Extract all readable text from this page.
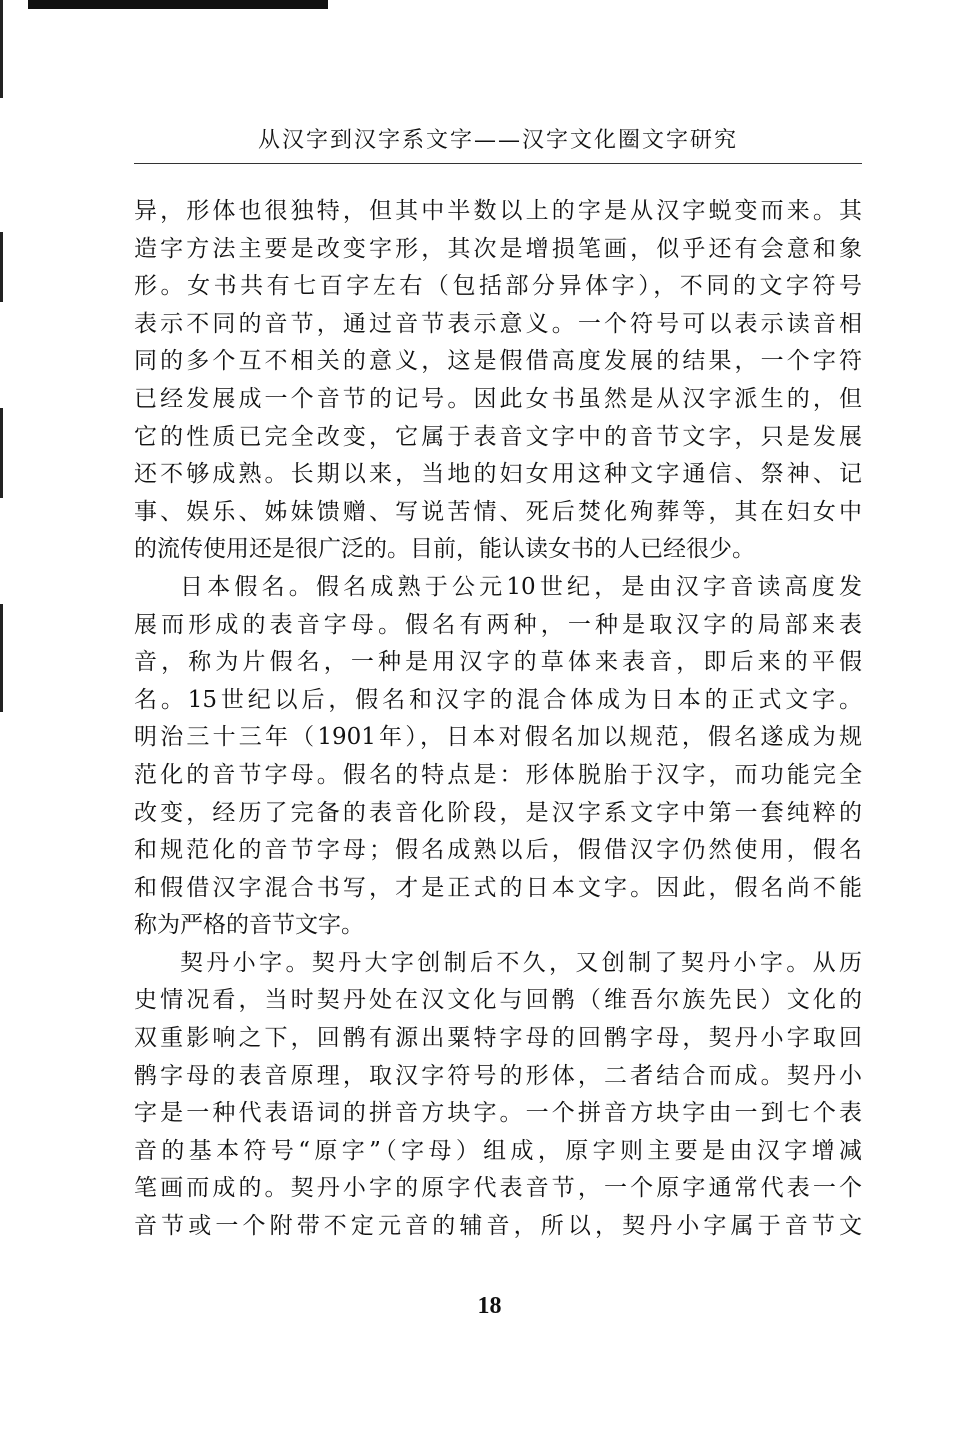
从汉字到汉字系文字——汉字文化圈文字研究
异，形体也很独特，但其中半数以上的字是从汉字蜕变而来。其
造字方法主要是改变字形，其次是增损笔画，似乎还有会意和象
形。女书共有七百字左右（包括部分异体字），不同的文字符号
表示不同的音节，通过音节表示意义。一个符号可以表示读音相
同的多个互不相关的意义，这是假借高度发展的结果，一个字符
已经发展成一个音节的记号。因此女书虽然是从汉字派生的，但
它的性质已完全改变，它属于表音文字中的音节文字，只是发展
还不够成熟。长期以来，当地的妇女用这种文字通信、祭神、记
事、娱乐、姊妹馈赠、写说苦情、死后焚化殉葬等，其在妇女中
的流传使用还是很广泛的。目前，能认读女书的人已经很少。
日本假名。假名成熟于公元10世纪，是由汉字音读高度发
展而形成的表音字母。假名有两种，一种是取汉字的局部来表
音，称为片假名，一种是用汉字的草体来表音，即后来的平假
名。15世纪以后，假名和汉字的混合体成为日本的正式文字。
明治三十三年（1901年），日本对假名加以规范，假名遂成为规
范化的音节字母。假名的特点是：形体脱胎于汉字，而功能完全
改变，经历了完备的表音化阶段，是汉字系文字中第一套纯粹的
和规范化的音节字母；假名成熟以后，假借汉字仍然使用，假名
和假借汉字混合书写，才是正式的日本文字。因此，假名尚不能
称为严格的音节文字。
契丹小字。契丹大字创制后不久，又创制了契丹小字。从历
史情况看，当时契丹处在汉文化与回鹘（维吾尔族先民）文化的
双重影响之下，回鹘有源出粟特字母的回鹘字母，契丹小字取回
鹘字母的表音原理，取汉字符号的形体，二者结合而成。契丹小
字是一种代表语词的拼音方块字。一个拼音方块字由一到七个表
音的基本符号“原字”（字母）组成，原字则主要是由汉字增减
笔画而成的。契丹小字的原字代表音节，一个原字通常代表一个
音节或一个附带不定元音的辅音，所以，契丹小字属于音节文
18
